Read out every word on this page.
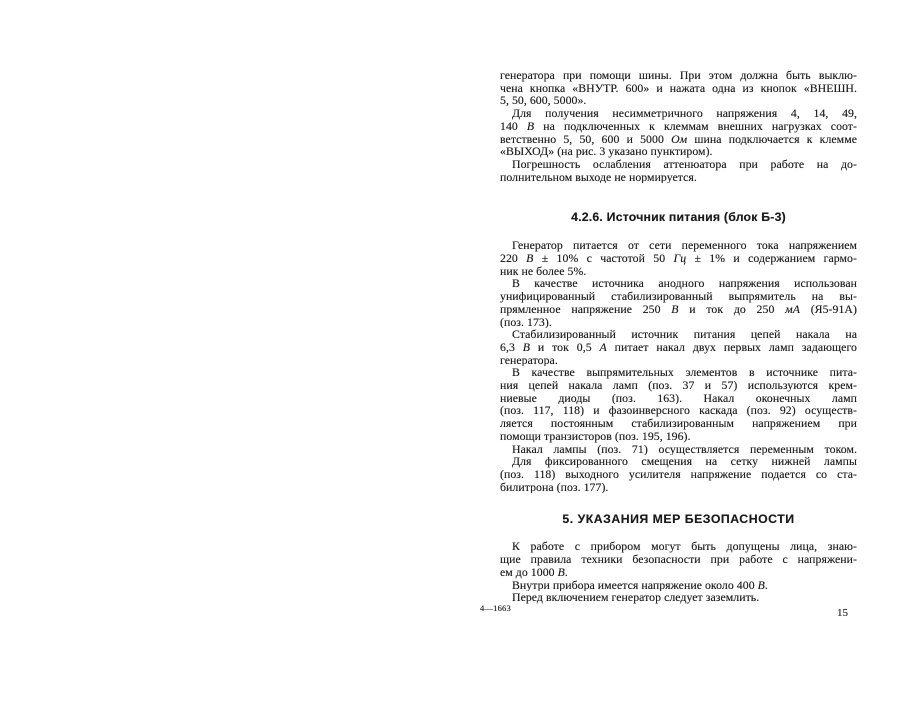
генератора при помощи шины. При этом должна быть выклю-
чена кнопка «ВНУТР. 600» и нажата одна из кнопок «ВНЕШН.
5, 50, 600, 5000».
Для получения несимметричного напряжения 4, 14, 49,
140 В на подключенных к клеммам внешних нагрузках соот-
ветственно 5, 50, 600 и 5000 Ом шина подключается к клемме
«ВЫХОД» (на рис. 3 указано пунктиром).
Погрешность ослабления аттенюатора при работе на до-
полнительном выходе не нормируется.
4.2.6. Источник питания (блок Б-3)
Генератор питается от сети переменного тока напряжением
220 В ± 10% с частотой 50 Гц ± 1% и содержанием гармо-
ник не более 5%.
В качестве источника анодного напряжения использован
унифицированный стабилизированный выпрямитель на вы-
прямленное напряжение 250 В и ток до 250 мА (Я5-91А)
(поз. 173).
Стабилизированный источник питания цепей накала на
6,3 В и ток 0,5 А питает накал двух первых ламп задающего
генератора.
В качестве выпрямительных элементов в источнике пита-
ния цепей накала ламп (поз. 37 и 57) используются крем-
ниевые диоды (поз. 163). Накал оконечных ламп
(поз. 117, 118) и фазоинверсного каскада (поз. 92) осуществ-
ляется постоянным стабилизированным напряжением при
помощи транзисторов (поз. 195, 196).
Накал лампы (поз. 71) осуществляется переменным током.
Для фиксированного смещения на сетку нижней лампы
(поз. 118) выходного усилителя напряжение подается со ста-
билитрона (поз. 177).
5. УКАЗАНИЯ МЕР БЕЗОПАСНОСТИ
К работе с прибором могут быть допущены лица, знаю-
щие правила техники безопасности при работе с напряжени-
ем до 1000 В.
Внутри прибора имеется напряжение около 400 В.
Перед включением генератор следует заземлить.
4—1663	15
